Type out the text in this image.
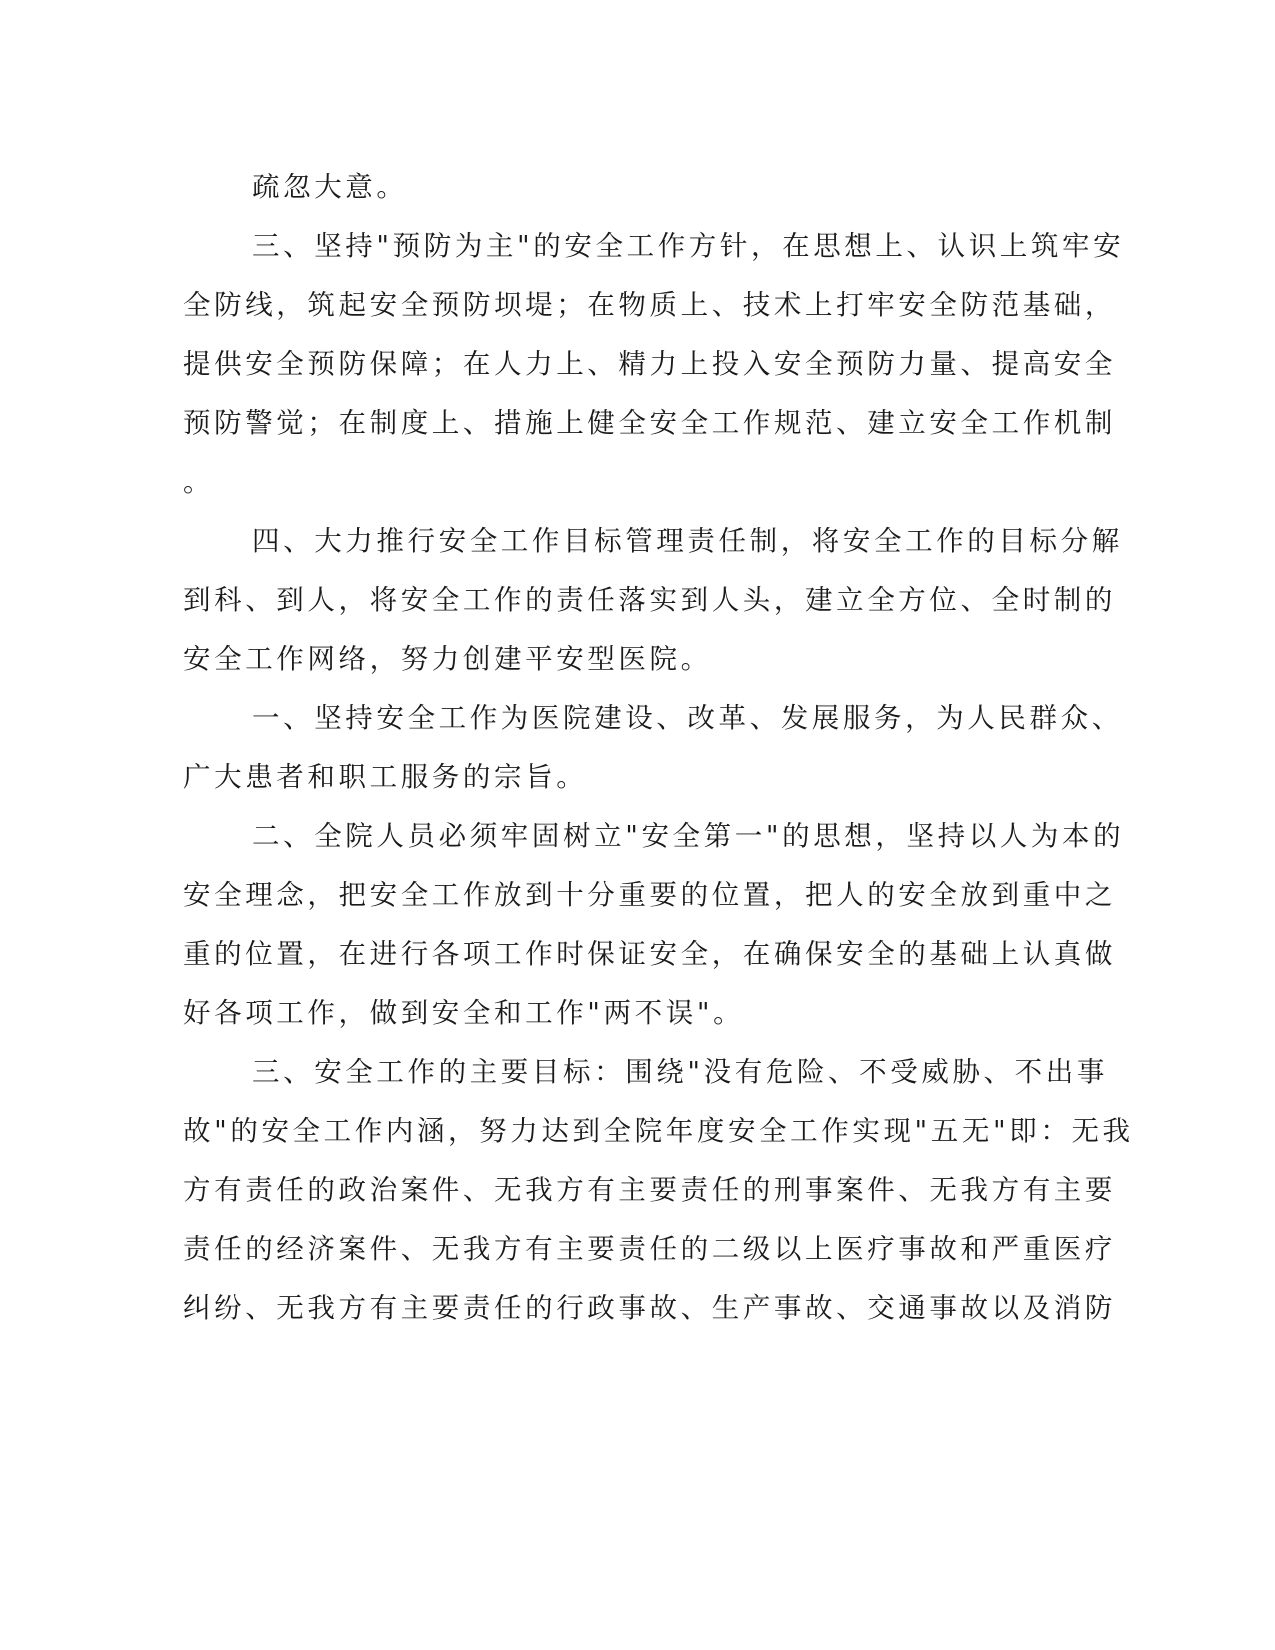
疏忽大意。
三、坚持"预防为主"的安全工作方针，在思想上、认识上筑牢安
全防线，筑起安全预防坝堤；在物质上、技术上打牢安全防范基础，
提供安全预防保障；在人力上、精力上投入安全预防力量、提高安全
预防警觉；在制度上、措施上健全安全工作规范、建立安全工作机制
。
四、大力推行安全工作目标管理责任制，将安全工作的目标分解
到科、到人，将安全工作的责任落实到人头，建立全方位、全时制的
安全工作网络，努力创建平安型医院。
一、坚持安全工作为医院建设、改革、发展服务，为人民群众、
广大患者和职工服务的宗旨。
二、全院人员必须牢固树立"安全第一"的思想，坚持以人为本的
安全理念，把安全工作放到十分重要的位置，把人的安全放到重中之
重的位置，在进行各项工作时保证安全，在确保安全的基础上认真做
好各项工作，做到安全和工作"两不误"。
三、安全工作的主要目标：围绕"没有危险、不受威胁、不出事
故"的安全工作内涵，努力达到全院年度安全工作实现"五无"即：无我
方有责任的政治案件、无我方有主要责任的刑事案件、无我方有主要
责任的经济案件、无我方有主要责任的二级以上医疗事故和严重医疗
纠纷、无我方有主要责任的行政事故、生产事故、交通事故以及消防
